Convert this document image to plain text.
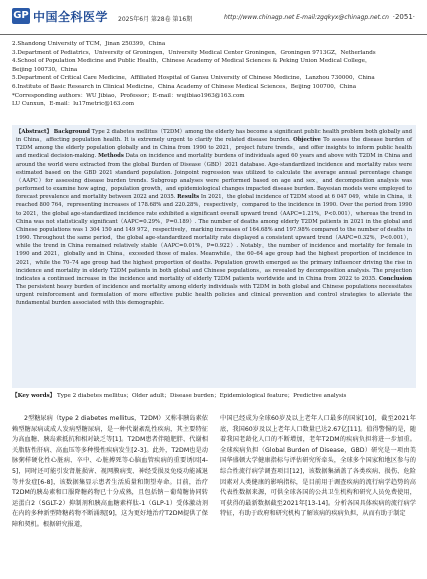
GP 中国全科医学 2025年6月 第28卷 第16期	http://www.chinagp.net E-mail:zgqkyx@chinagp.net.cn ·2051·
2.Shandong University of TCM，Jinan 250399，China
3.Department of Pediatrics，University of Groningen，University Medical Center Groningen，Groningen 9713GZ，Netherlands
4.School of Population Medicine and Public Health，Chinese Academy of Medical Sciences & Peking Union Medical College，
Beijing 100730，China
5.Department of Critical Care Medicine，Affiliated Hospital of Gansu University of Chinese Medicine，Lanzhou 730000，China
6.Institute of Basic Research in Clinical Medicine，China Academy of Chinese Medical Sciences，Beijing 100700，China
*Corresponding authors：WU Jibiao，Professor；E-mail：wujibiao1963@163.com
LU Cunxun，E-mail：lu17metric@163.com
【Abstract】 Background Type 2 diabetes mellitus（T2DM）among the elderly has become a significant public health problem both globally and in China，affecting population health. It is extremely urgent to clarify the related disease burden. Objective To assess the disease burden of T2DM among the elderly population globally and in China from 1990 to 2021，project future trends，and offer insights to inform public health and medical decision-making. Methods Data on incidence and mortality burdens of individuals aged 60 years and above with T2DM in China and around the world were extracted from the global Burden of Disease（GBD）2021 database. Age-standardized incidence and mortality rates were estimated based on the GBD 2021 standard population. Joinpoint regression was utilized to calculate the average annual percentage change（AAPC）for assessing disease burden trends. Subgroup analyses were performed based on age and sex，and decomposition analysis was performed to examine how aging，population growth，and epidemiological changes impacted disease burden. Bayesian models were employed to forecast prevalence and mortality between 2022 and 2035. Results In 2021，the global incidence of T2DM stood at 6 047 049，while in China，it reached 800 764，representing increases of 178.68% and 220.28%，respectively，compared to the incidence in 1990. Over the period from 1990 to 2021，the global age-standardized incidence rate exhibited a significant overall upward trend（AAPC=1.21%，P<0.001），whereas the trend in China was not statistically significant（AAPC=0.29%，P=0.189）. The number of deaths among elderly T2DM patients in 2021 in the global and Chinese populations was 1 304 150 and 149 972，respectively，marking increases of 164.68% and 197.98% compared to the number of deaths in 1990. Throughout the same period，the global age-standardized mortality rate displayed a consistent upward trend（AAPC=0.32%，P<0.001），while the trend in China remained relatively stable（AAPC=0.01%，P=0.922）. Notably，the number of incidence and mortality for female in 1990 and 2021，globally and in China，exceeded those of males. Meanwhile，the 60–64 age group had the highest proportion of incidence in 2021，while the 70–74 age group had the highest proportion of deaths. Population growth emerged as the primary influencer driving the rise in incidence and mortality in elderly T2DM patients in both global and Chinese populations，as revealed by decomposition analysis. The projection indicates a continued increase in the incidence and mortality of elderly T2DM patients worldwide and in China from 2022 to 2035. Conclusion The persistent heavy burden of incidence and mortality among elderly individuals with T2DM in both global and Chinese populations necessitates urgent reinforcement and formulation of more effective public health policies and clinical prevention and control strategies to alleviate the fundamental burden associated with this demographic.
【Key words】 Type 2 diabetes mellitus；Older adult；Disease burden；Epidemiological feature；Predictive analysis

2型糖尿病（type 2 diabetes mellitus，T2DM）又称非胰岛素依赖型糖尿病或成人发病型糖尿病，是一种代谢紊乱性疾病，其主要特征为高血糖、胰岛素抵抗和相对缺乏等[1]。T2DM患者伴随肥胖、代谢相关脂肪性肝病、高血压等多种慢性疾病发生[2-3]。此外，T2DM也是动脉粥样硬化性心脏病、卒中、心脏搏死等心脑血管疾病的重要诱因[4-5]，同时还可能引发肾脏损害、视网膜病变、神经受损及免疫功能减退等并发症[6-8]，该数据集显示患者生活质量和期望寿命。目前，治疗T2DM的胰岛素和口服降糖药物已十分成熟，且包括钠－葡萄糖协同转运蛋白2（SGLT-2）抑制剂和胰高血糖素样肽-1（GLP-1）受体激动剂在内的多种新型降糖药物不断涌现[9]，这为更好地治疗T2DM提供了保障和契机。根据研究报道，

中国已经成为全球60岁及以上老年人口最多的国家[10]，截至2021年底，我国60岁及以上老年人口数量已达2.67亿[11]。值得警惕的是，随着我国老龄化人口的不断增加，老年T2DM的疾病负担将进一步加重。全球疾病负担（Global Burden of Disease，GBD）研究是一项由美国华盛顿大学健康指标与评估研究所牵头，全球多个国家和地区参与的综合性流行病学调查项目[12]，该数据集涵盖了各类疾病、损伤、危险因素对人类健康的影响指标，是目前用于调查疾病的流行病学趋势的高代表性数据来源，可供全球各国的公共卫生机构和研究人员免费使用，可获得的最新数据截至2021年[13-14]。分析各国具体疾病的流行病学特征，有助于政府和研究机构了解该病的疾病负担，从而有助于制定
